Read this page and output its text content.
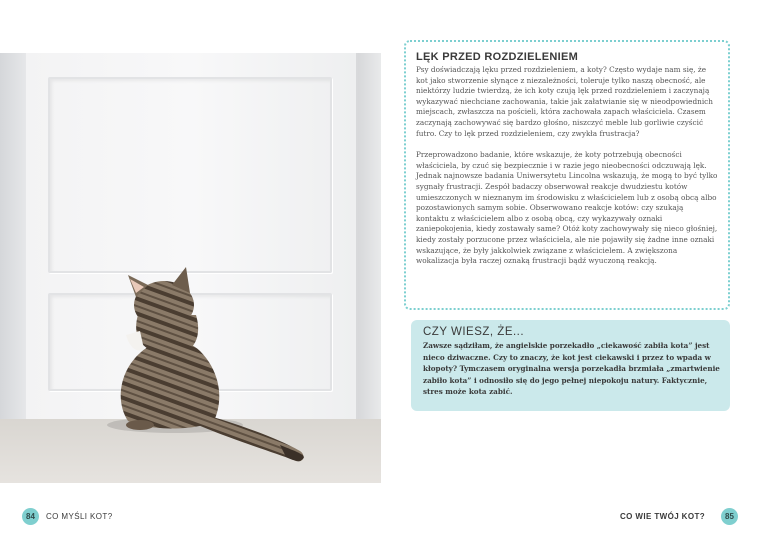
LĘK PRZED ROZDZIELENIEM

Psy doświadczają lęku przed rozdzieleniem, a koty? Często wydaje nam się, że kot jako stworzenie słynące z niezależności, toleruje tylko naszą obecność, ale niektórzy ludzie twierdzą, że ich koty czują lęk przed rozdzieleniem i zaczynają wykazywać niechciane zachowania, takie jak załatwianie się w nieodpowiednich miejscach, zwłaszcza na pościeli, która zachowała zapach właściciela. Czasem zaczynają zachowywać się bardzo głośno, niszczyć meble lub gorliwie czyścić futro. Czy to lęk przed rozdzieleniem, czy zwykła frustracja?

Przeprowadzono badanie, które wskazuje, że koty potrzebują obecności właściciela, by czuć się bezpiecznie i w razie jego nieobecności odczuwają lęk. Jednak najnowsze badania Uniwersytetu Lincolna wskazują, że mogą to być tylko sygnały frustracji. Zespół badaczy obserwował reakcje dwudziestu kotów umieszczonych w nieznanym im środowisku z właścicielem lub z osobą obcą albo pozostawionych samym sobie. Obserwowano reakcje kotów: czy szukają kontaktu z właścicielem albo z osobą obcą, czy wykazywały oznaki zaniepokojenia, kiedy zostawały same? Otóż koty zachowywały się nieco głośniej, kiedy zostały porzucone przez właściciela, ale nie pojawiły się żadne inne oznaki wskazujące, że były jakkolwiek związane z właścicielem. A zwiększona wokalizacja była raczej oznaką frustracji bądź wyuczoną reakcją.

CZY WIESZ, ŻE...

Zawsze sądziłam, że angielskie porzekadło „ciekawość zabiła kota” jest nieco dziwaczne. Czy to znaczy, że kot jest ciekawski i przez to wpada w kłopoty? Tymczasem oryginalna wersja porzekadła brzmiała „zmartwienie zabiło kota” i odnosiło się do jego pełnej niepokoju natury. Faktycznie, stres może kota zabić.

84	CO MYŚLI KOT?	CO WIE TWÓJ KOT?	85
